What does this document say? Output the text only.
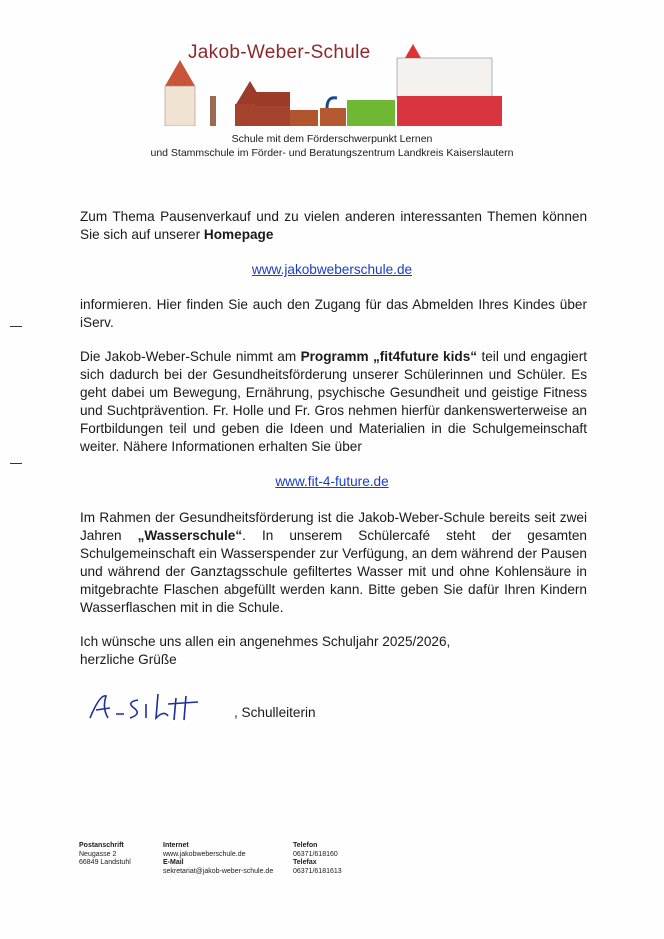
Jakob-Weber-Schule
Schule mit dem Förderschwerpunkt Lernen
und Stammschule im Förder- und Beratungszentrum Landkreis Kaiserslautern
Zum Thema Pausenverkauf und zu vielen anderen interessanten Themen können Sie sich auf unserer Homepage
www.jakobweberschule.de
informieren. Hier finden Sie auch den Zugang für das Abmelden Ihres Kindes über iServ.
Die Jakob-Weber-Schule nimmt am Programm „fit4future kids“ teil und engagiert sich dadurch bei der Gesundheitsförderung unserer Schülerinnen und Schüler. Es geht dabei um Bewegung, Ernährung, psychische Gesundheit und geistige Fitness und Suchtprävention. Fr. Holle und Fr. Gros nehmen hierfür dankenswerterweise an Fortbildungen teil und geben die Ideen und Materialien in die Schulgemeinschaft weiter. Nähere Informationen erhalten Sie über
www.fit-4-future.de
Im Rahmen der Gesundheitsförderung ist die Jakob-Weber-Schule bereits seit zwei Jahren „Wasserschule“. In unserem Schülercafé steht der gesamten Schulgemeinschaft ein Wasserspender zur Verfügung, an dem während der Pausen und während der Ganztagsschule gefiltertes Wasser mit und ohne Kohlensäure in mitgebrachte Flaschen abgefüllt werden kann. Bitte geben Sie dafür Ihren Kindern Wasserflaschen mit in die Schule.
Ich wünsche uns allen ein angenehmes Schuljahr 2025/2026,
herzliche Grüße
, Schulleiterin
Postanschrift
Neugasse 2
66849 Landstuhl
Internet
www.jakobweberschule.de
E-Mail
sekretariat@jakob-weber-schule.de
Telefon
06371/618160
Telefax
06371/6181613
